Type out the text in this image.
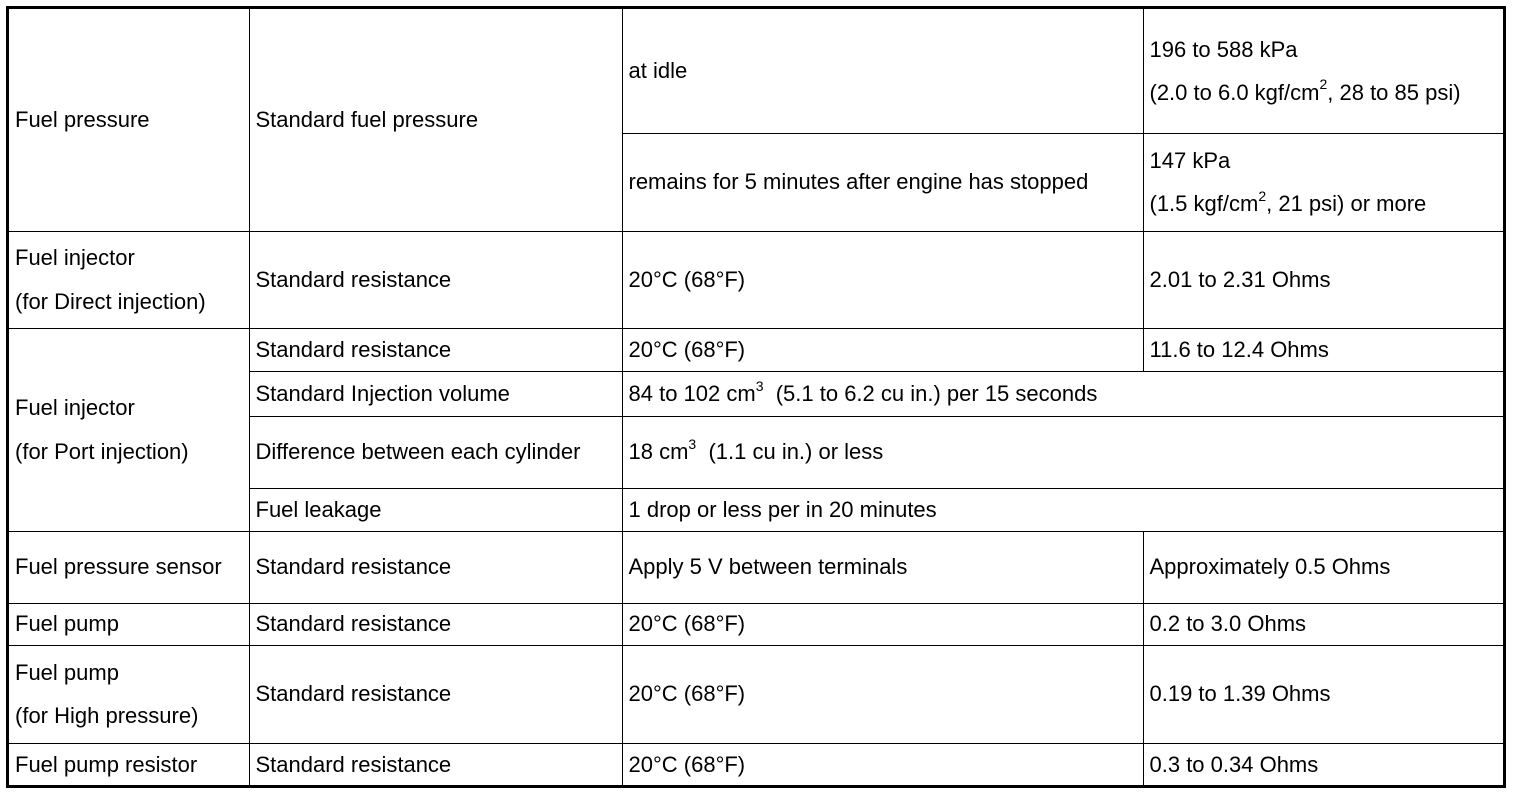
Fuel pressure	Standard fuel pressure	at idle	196 to 588 kPa
(2.0 to 6.0 kgf/$cm^2$, 28 to 85 psi)

		remains for 5 minutes after engine has stopped	147 kPa
(1.5 kgf/$cm^2$, 21 psi) or more

Fuel injector
(for Direct injection)	Standard resistance	20°C (68°F)	2.01 to 2.31 Ohms

Fuel injector
(for Port injection)	Standard resistance	20°C (68°F)	11.6 to 12.4 Ohms
	Standard Injection volume	84 to 102 $cm^3$  (5.1 to 6.2 cu in.) per 15 seconds	
	Difference between each cylinder	18 $cm^3$  (1.1 cu in.) or less	
	Fuel leakage	1 drop or less per in 20 minutes	
Fuel pressure sensor	Standard resistance	Apply 5 V between terminals	Approximately 0.5 Ohms
Fuel pump	Standard resistance	20°C (68°F)	0.2 to 3.0 Ohms

Fuel pump
(for High pressure)	Standard resistance	20°C (68°F)	0.19 to 1.39 Ohms
Fuel pump resistor	Standard resistance	20°C (68°F)	0.3 to 0.34 Ohms
